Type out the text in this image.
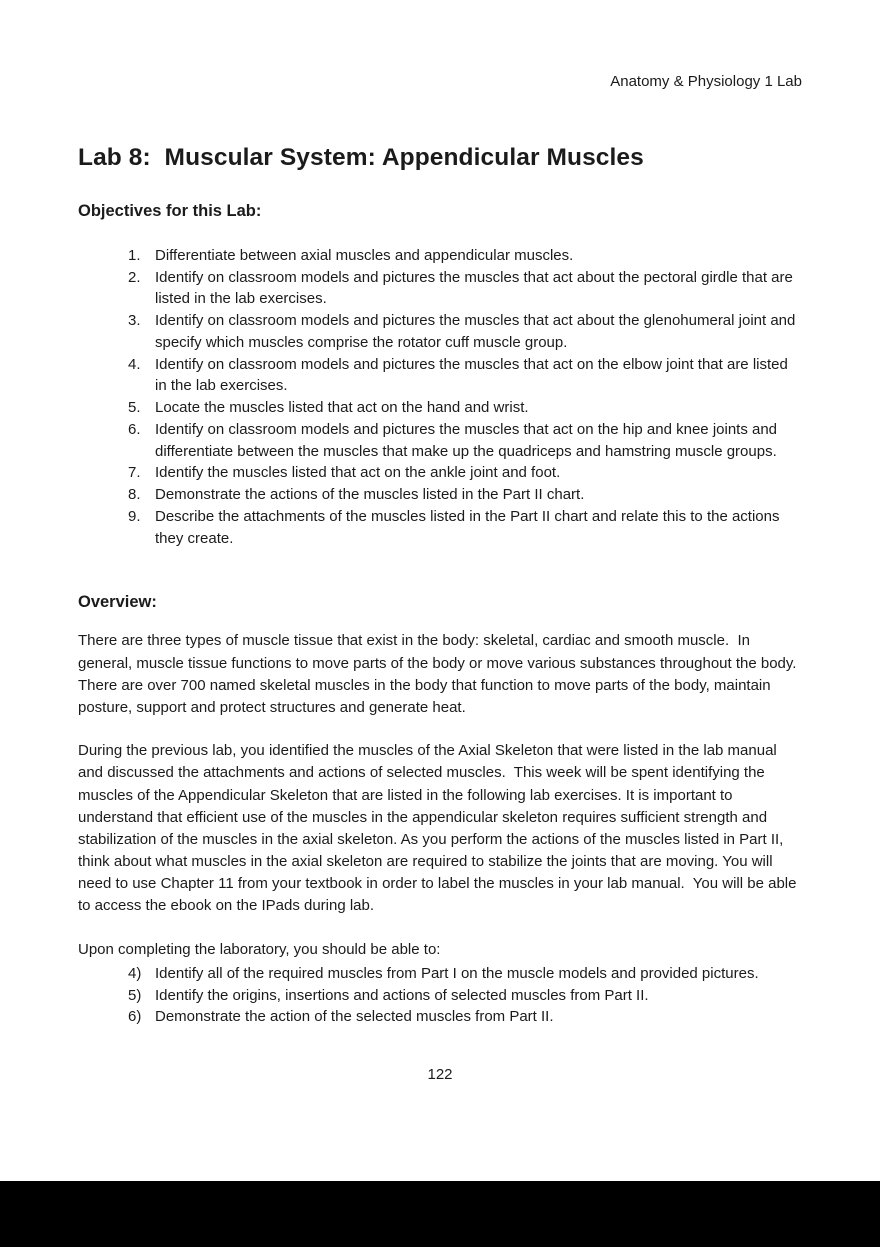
Anatomy & Physiology 1 Lab

Lab 8:  Muscular System: Appendicular Muscles
Objectives for this Lab:
1. Differentiate between axial muscles and appendicular muscles.
2. Identify on classroom models and pictures the muscles that act about the pectoral girdle that are listed in the lab exercises.
3. Identify on classroom models and pictures the muscles that act about the glenohumeral joint and specify which muscles comprise the rotator cuff muscle group.
4. Identify on classroom models and pictures the muscles that act on the elbow joint that are listed in the lab exercises.
5. Locate the muscles listed that act on the hand and wrist.
6. Identify on classroom models and pictures the muscles that act on the hip and knee joints and differentiate between the muscles that make up the quadriceps and hamstring muscle groups.
7. Identify the muscles listed that act on the ankle joint and foot.
8. Demonstrate the actions of the muscles listed in the Part II chart.
9. Describe the attachments of the muscles listed in the Part II chart and relate this to the actions they create.
Overview:

There are three types of muscle tissue that exist in the body: skeletal, cardiac and smooth muscle.  In general, muscle tissue functions to move parts of the body or move various substances throughout the body.  There are over 700 named skeletal muscles in the body that function to move parts of the body, maintain posture, support and protect structures and generate heat.

During the previous lab, you identified the muscles of the Axial Skeleton that were listed in the lab manual and discussed the attachments and actions of selected muscles.  This week will be spent identifying the muscles of the Appendicular Skeleton that are listed in the following lab exercises. It is important to understand that efficient use of the muscles in the appendicular skeleton requires sufficient strength and stabilization of the muscles in the axial skeleton. As you perform the actions of the muscles listed in Part II, think about what muscles in the axial skeleton are required to stabilize the joints that are moving. You will need to use Chapter 11 from your textbook in order to label the muscles in your lab manual.  You will be able to access the ebook on the IPads during lab.

Upon completing the laboratory, you should be able to:

4) Identify all of the required muscles from Part I on the muscle models and provided pictures.
5) Identify the origins, insertions and actions of selected muscles from Part II.
6) Demonstrate the action of the selected muscles from Part II.
122
